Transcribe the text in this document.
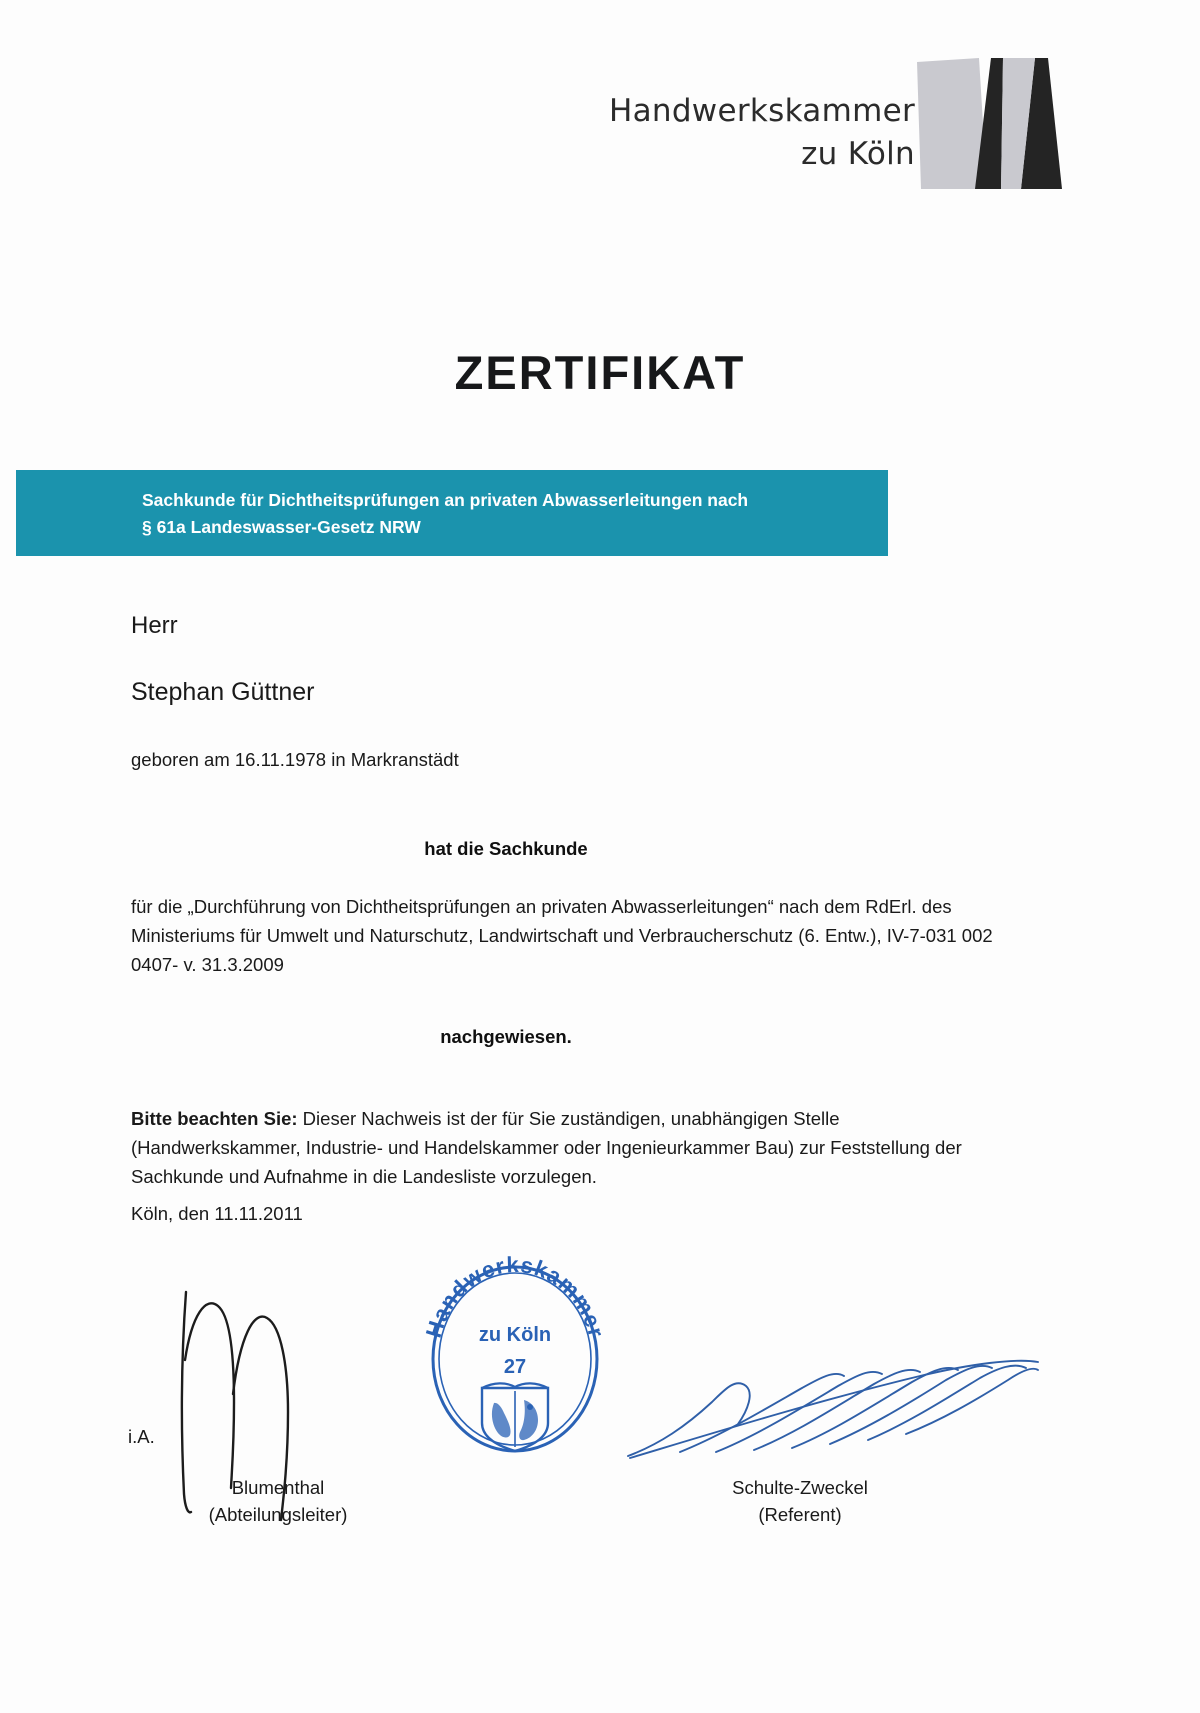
Handwerkskammer
zu Köln
ZERTIFIKAT
Sachkunde für Dichtheitsprüfungen an privaten Abwasserleitungen nach
§ 61a Landeswasser-Gesetz NRW
Herr
Stephan Güttner
geboren am 16.11.1978 in Markranstädt
hat die Sachkunde
für die „Durchführung von Dichtheitsprüfungen an privaten Abwasserleitungen“ nach dem RdErl. des Ministeriums für Umwelt und Naturschutz, Landwirtschaft und Verbraucherschutz (6. Entw.), IV-7-031 002 0407- v. 31.3.2009
nachgewiesen.
Bitte beachten Sie: Dieser Nachweis ist der für Sie zuständigen, unabhängigen Stelle (Handwerkskammer, Industrie- und Handelskammer oder Ingenieurkammer Bau) zur Feststellung der Sachkunde und Aufnahme in die Landesliste vorzulegen.
Köln, den 11.11.2011
i.A.
Blumenthal
(Abteilungsleiter)
Schulte-Zweckel
(Referent)
Handwerkskammer
zu Köln
27
